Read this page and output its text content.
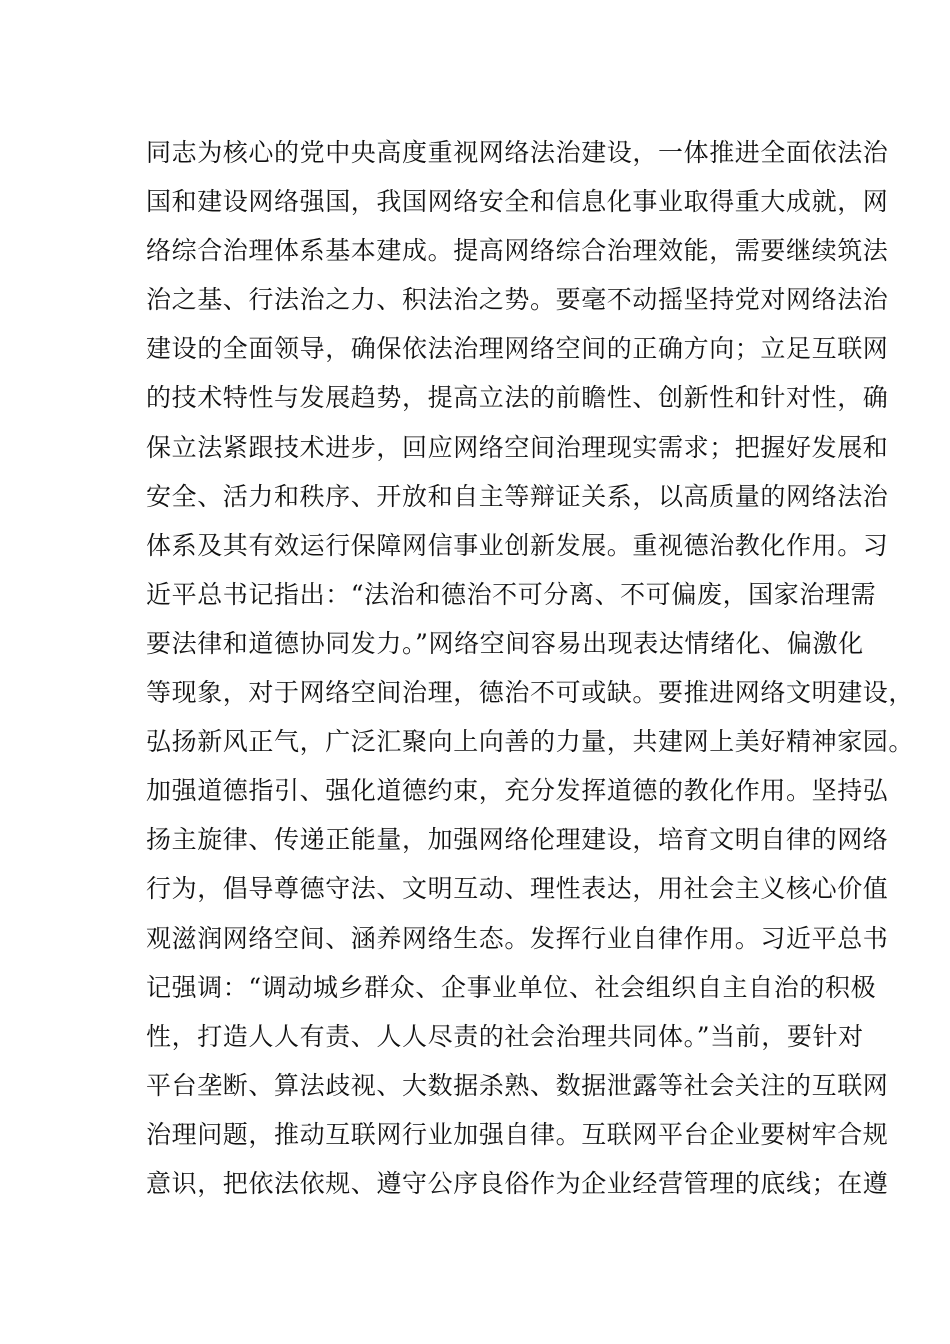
同志为核心的党中央高度重视网络法治建设，一体推进全面依法治
国和建设网络强国，我国网络安全和信息化事业取得重大成就，网
络综合治理体系基本建成。提高网络综合治理效能，需要继续筑法
治之基、行法治之力、积法治之势。要毫不动摇坚持党对网络法治
建设的全面领导，确保依法治理网络空间的正确方向；立足互联网
的技术特性与发展趋势，提高立法的前瞻性、创新性和针对性，确
保立法紧跟技术进步，回应网络空间治理现实需求；把握好发展和
安全、活力和秩序、开放和自主等辩证关系，以高质量的网络法治
体系及其有效运行保障网信事业创新发展。重视德治教化作用。习
近平总书记指出：“法治和德治不可分离、不可偏废，国家治理需
要法律和道德协同发力。”网络空间容易出现表达情绪化、偏激化
等现象，对于网络空间治理，德治不可或缺。要推进网络文明建设，
弘扬新风正气，广泛汇聚向上向善的力量，共建网上美好精神家园。
加强道德指引、强化道德约束，充分发挥道德的教化作用。坚持弘
扬主旋律、传递正能量，加强网络伦理建设，培育文明自律的网络
行为，倡导尊德守法、文明互动、理性表达，用社会主义核心价值
观滋润网络空间、涵养网络生态。发挥行业自律作用。习近平总书
记强调：“调动城乡群众、企事业单位、社会组织自主自治的积极
性，打造人人有责、人人尽责的社会治理共同体。”当前，要针对
平台垄断、算法歧视、大数据杀熟、数据泄露等社会关注的互联网
治理问题，推动互联网行业加强自律。互联网平台企业要树牢合规
意识，把依法依规、遵守公序良俗作为企业经营管理的底线；在遵
